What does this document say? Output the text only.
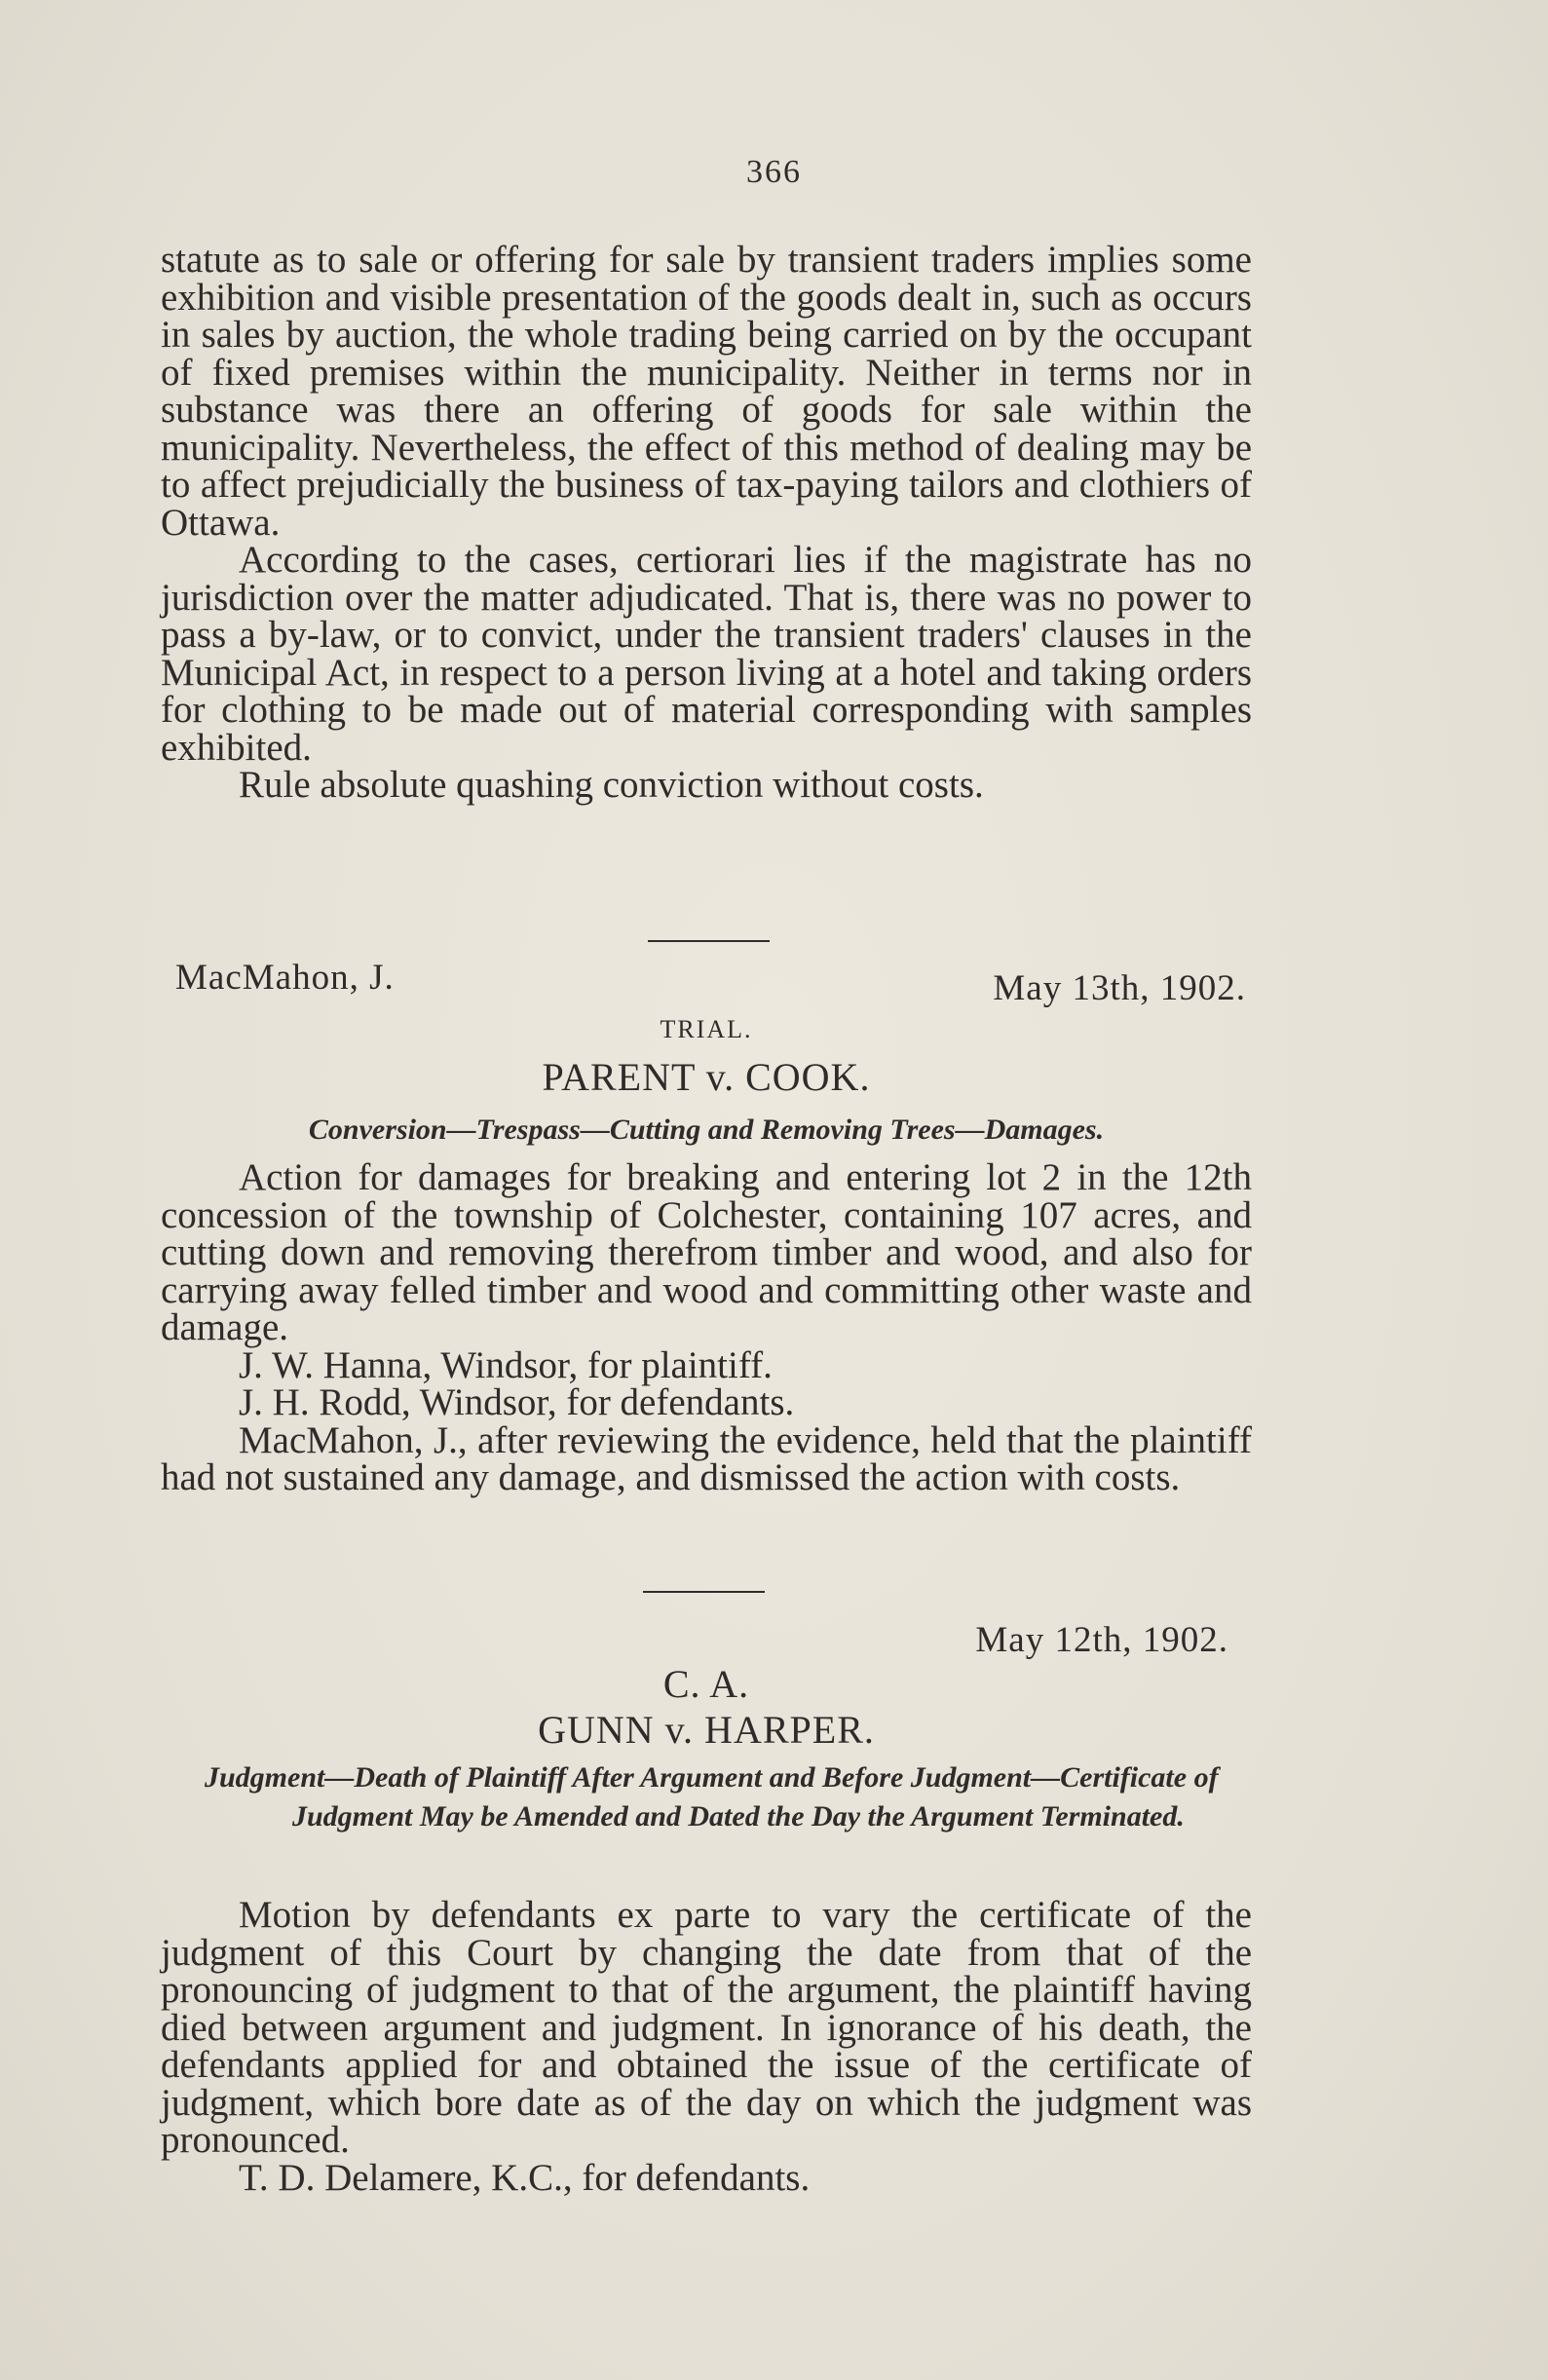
366

statute as to sale or offering for sale by transient traders implies some exhibition and visible presentation of the goods dealt in, such as occurs in sales by auction, the whole trading being carried on by the occupant of fixed premises within the municipality. Neither in terms nor in substance was there an offering of goods for sale within the municipality. Nevertheless, the effect of this method of dealing may be to affect prejudicially the business of tax-paying tailors and clothiers of Ottawa.

According to the cases, certiorari lies if the magistrate has no jurisdiction over the matter adjudicated. That is, there was no power to pass a by-law, or to convict, under the transient traders' clauses in the Municipal Act, in respect to a person living at a hotel and taking orders for clothing to be made out of material corresponding with samples exhibited.

Rule absolute quashing conviction without costs.

MacMahon, J.	May 13th, 1902.
TRIAL.
PARENT v. COOK.
Conversion—Trespass—Cutting and Removing Trees—Damages.

Action for damages for breaking and entering lot 2 in the 12th concession of the township of Colchester, containing 107 acres, and cutting down and removing therefrom timber and wood, and also for carrying away felled timber and wood and committing other waste and damage.

J. W. Hanna, Windsor, for plaintiff.

J. H. Rodd, Windsor, for defendants.

MacMahon, J., after reviewing the evidence, held that the plaintiff had not sustained any damage, and dismissed the action with costs.

May 12th, 1902.
C. A.
GUNN v. HARPER.

Judgment—Death of Plaintiff After Argument and Before Judgment—Certificate of Judgment May be Amended and Dated the Day the Argument Terminated.

Motion by defendants ex parte to vary the certificate of the judgment of this Court by changing the date from that of the pronouncing of judgment to that of the argument, the plaintiff having died between argument and judgment. In ignorance of his death, the defendants applied for and obtained the issue of the certificate of judgment, which bore date as of the day on which the judgment was pronounced.

T. D. Delamere, K.C., for defendants.
